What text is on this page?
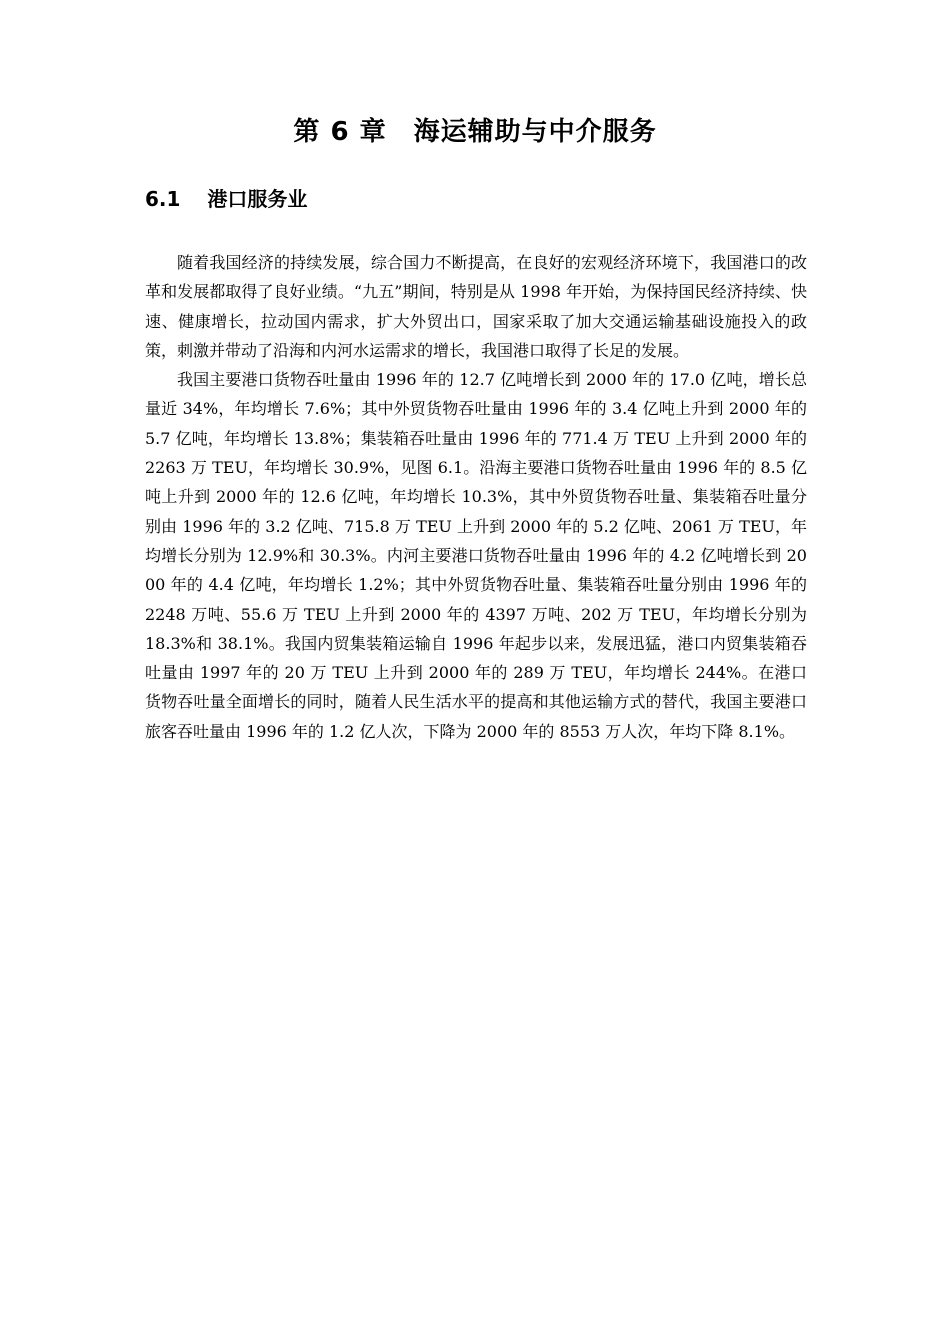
第 6 章　海运辅助与中介服务
6.1　 港口服务业

随着我国经济的持续发展，综合国力不断提高，在良好的宏观经济环境下，我国港口的改革和发展都取得了良好业绩。“九五”期间，特别是从 1998 年开始，为保持国民经济持续、快速、健康增长，拉动国内需求，扩大外贸出口，国家采取了加大交通运输基础设施投入的政策，刺激并带动了沿海和内河水运需求的增长，我国港口取得了长足的发展。

我国主要港口货物吞吐量由 1996 年的 12.7 亿吨增长到 2000 年的 17.0 亿吨，增长总量近 34%，年均增长 7.6%；其中外贸货物吞吐量由 1996 年的 3.4 亿吨上升到 2000 年的 5.7 亿吨，年均增长 13.8%；集装箱吞吐量由 1996 年的 771.4 万 TEU 上升到 2000 年的 2263 万 TEU，年均增长 30.9%，见图 6.1。沿海主要港口货物吞吐量由 1996 年的 8.5 亿吨上升到 2000 年的 12.6 亿吨，年均增长 10.3%，其中外贸货物吞吐量、集装箱吞吐量分别由 1996 年的 3.2 亿吨、715.8 万 TEU 上升到 2000 年的 5.2 亿吨、2061 万 TEU，年均增长分别为 12.9%和 30.3%。内河主要港口货物吞吐量由 1996 年的 4.2 亿吨增长到 2000 年的 4.4 亿吨，年均增长 1.2%；其中外贸货物吞吐量、集装箱吞吐量分别由 1996 年的 2248 万吨、55.6 万 TEU 上升到 2000 年的 4397 万吨、202 万 TEU，年均增长分别为 18.3%和 38.1%。我国内贸集装箱运输自 1996 年起步以来，发展迅猛，港口内贸集装箱吞吐量由 1997 年的 20 万 TEU 上升到 2000 年的 289 万 TEU，年均增长 244%。在港口货物吞吐量全面增长的同时，随着人民生活水平的提高和其他运输方式的替代，我国主要港口旅客吞吐量由 1996 年的 1.2 亿人次，下降为 2000 年的 8553 万人次，年均下降 8.1%。
